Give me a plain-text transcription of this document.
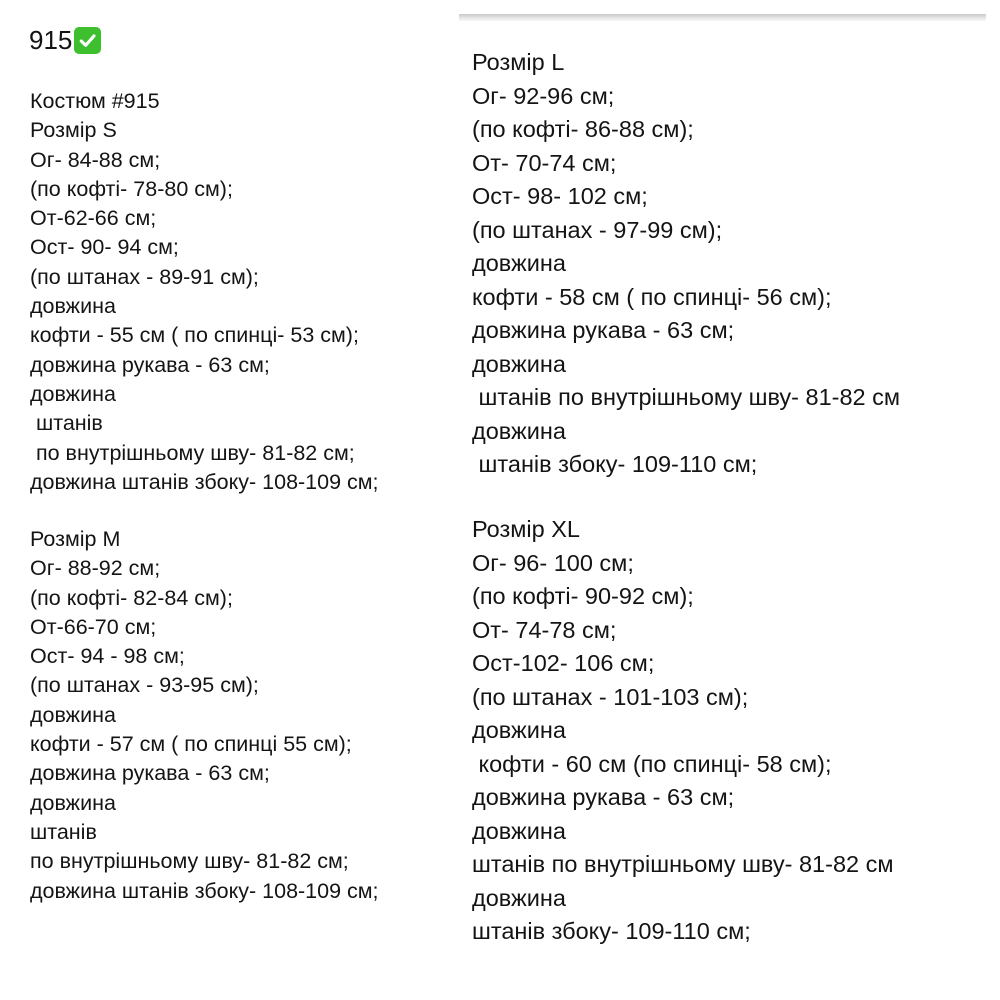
915
Костюм #915
Розмір S
Ог- 84-88 см;
(по кофті- 78-80 см);
От-62-66 см;
Ост- 90- 94 см;
(по штанах - 89-91 см);
довжина
кофти - 55 см ( по спинці- 53 см);
довжина рукава - 63 см;
довжина
штанів
по внутрішньому шву- 81-82 см;
довжина штанів збоку- 108-109 см;
Розмір M
Ог- 88-92 см;
(по кофті- 82-84 см);
От-66-70 см;
Ост- 94 - 98 см;
(по штанах - 93-95 см);
довжина
кофти - 57 см ( по спинці 55 см);
довжина рукава - 63 см;
довжина
штанів
по внутрішньому шву- 81-82 см;
довжина штанів збоку- 108-109 см;
Розмір L
Ог- 92-96 см;
(по кофті- 86-88 см);
От- 70-74 см;
Ост- 98- 102 см;
(по штанах - 97-99 см);
довжина
кофти - 58 см ( по спинці- 56 см);
довжина рукава - 63 см;
довжина
штанів по внутрішньому шву- 81-82 см
довжина
штанів збоку- 109-110 см;
Розмір XL
Ог- 96- 100 см;
(по кофті- 90-92 см);
От- 74-78 см;
Ост-102- 106 см;
(по штанах - 101-103 см);
довжина
кофти - 60 см (по спинці- 58 см);
довжина рукава - 63 см;
довжина
штанів по внутрішньому шву- 81-82 см
довжина
штанів збоку- 109-110 см;
